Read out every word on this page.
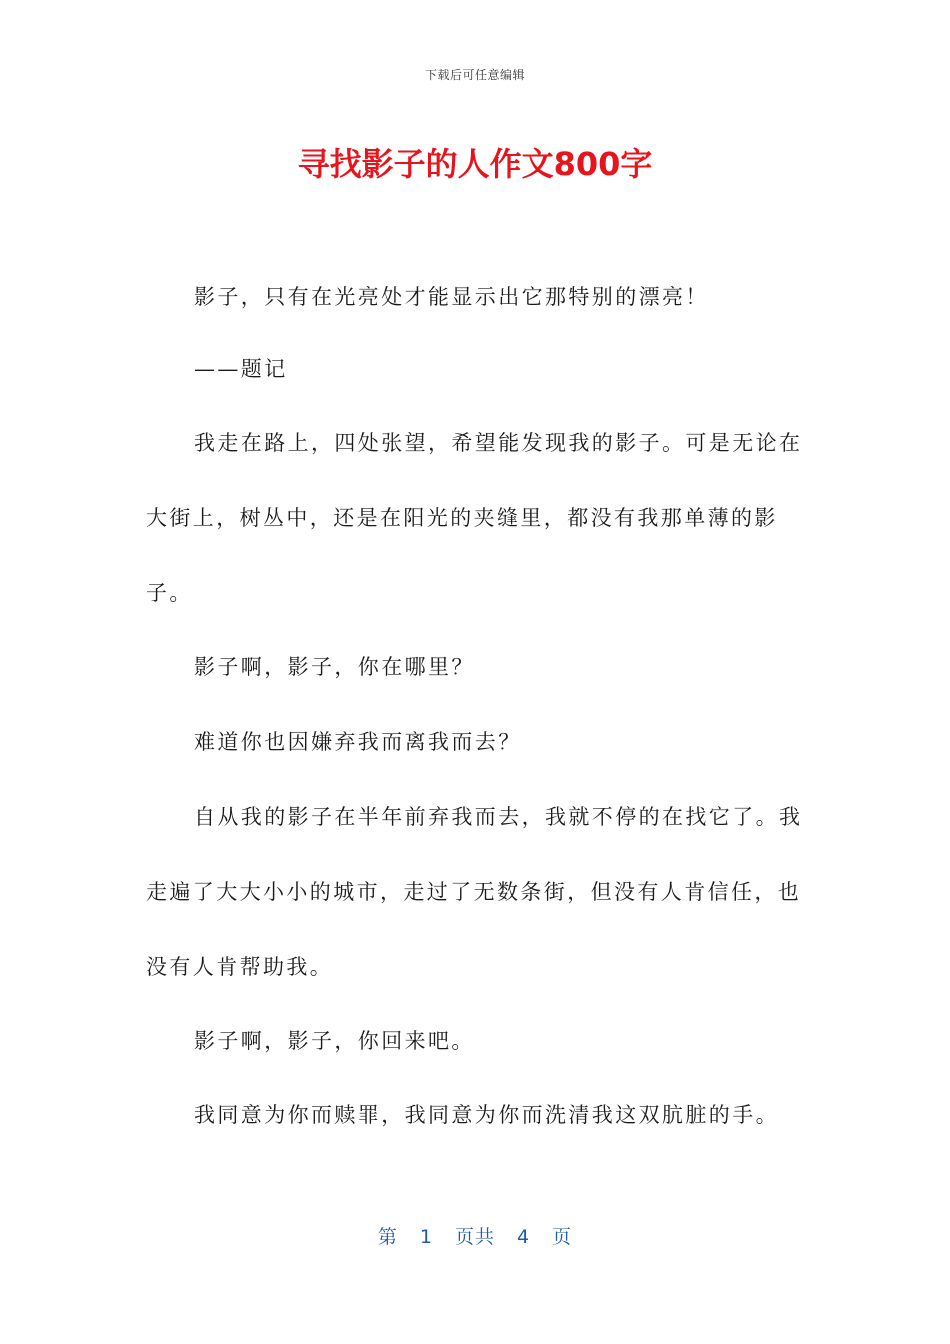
下载后可任意编辑
寻找影子的人作文800字

影子，只有在光亮处才能显示出它那特别的漂亮！

——题记

我走在路上，四处张望，希望能发现我的影子。可是无论在大街上，树丛中，还是在阳光的夹缝里，都没有我那单薄的影子。

影子啊，影子，你在哪里？

难道你也因嫌弃我而离我而去？

自从我的影子在半年前弃我而去，我就不停的在找它了。我走遍了大大小小的城市，走过了无数条街，但没有人肯信任，也没有人肯帮助我。

影子啊，影子，你回来吧。

我同意为你而赎罪，我同意为你而洗清我这双肮脏的手。

第 1 页共 4 页
